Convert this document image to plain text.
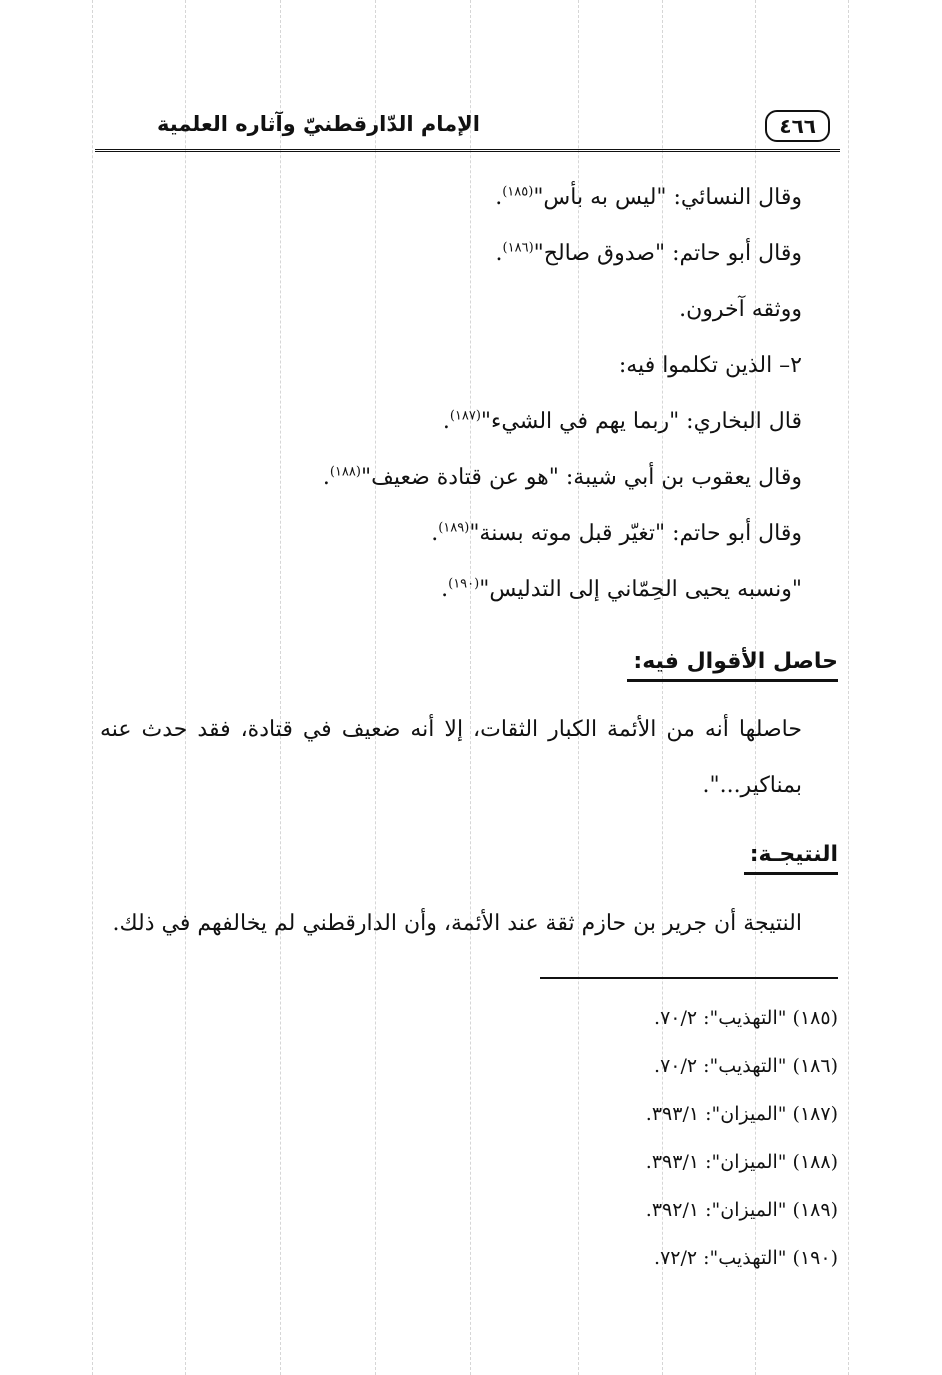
الإمام الدّارقطنيّ وآثاره العلمية	٤٦٦
وقال النسائي: "ليس به بأس"$^{(١٨٥)}$.
وقال أبو حاتم: "صدوق صالح"$^{(١٨٦)}$.
ووثقه آخرون.
٢– الذين تكلموا فيه:
قال البخاري: "ربما يهم في الشيء"$^{(١٨٧)}$.
وقال يعقوب بن أبي شيبة: "هو عن قتادة ضعيف"$^{(١٨٨)}$.
وقال أبو حاتم: "تغيّر قبل موته بسنة"$^{(١٨٩)}$.
"ونسبه يحيى الحِمّاني إلى التدليس"$^{(١٩٠)}$.
حاصل الأقوال فيه:
حاصلها أنه من الأئمة الكبار الثقات، إلا أنه ضعيف في قتادة، فقد حدث عنه بمناكير...".
النتيجـة:
النتيجة أن جرير بن حازم ثقة عند الأئمة، وأن الدارقطني لم يخالفهم في ذلك.
(١٨٥) "التهذيب": ٧٠/٢.
(١٨٦) "التهذيب": ٧٠/٢.
(١٨٧) "الميزان": ٣٩٣/١.
(١٨٨) "الميزان": ٣٩٣/١.
(١٨٩) "الميزان": ٣٩٢/١.
(١٩٠) "التهذيب": ٧٢/٢.
